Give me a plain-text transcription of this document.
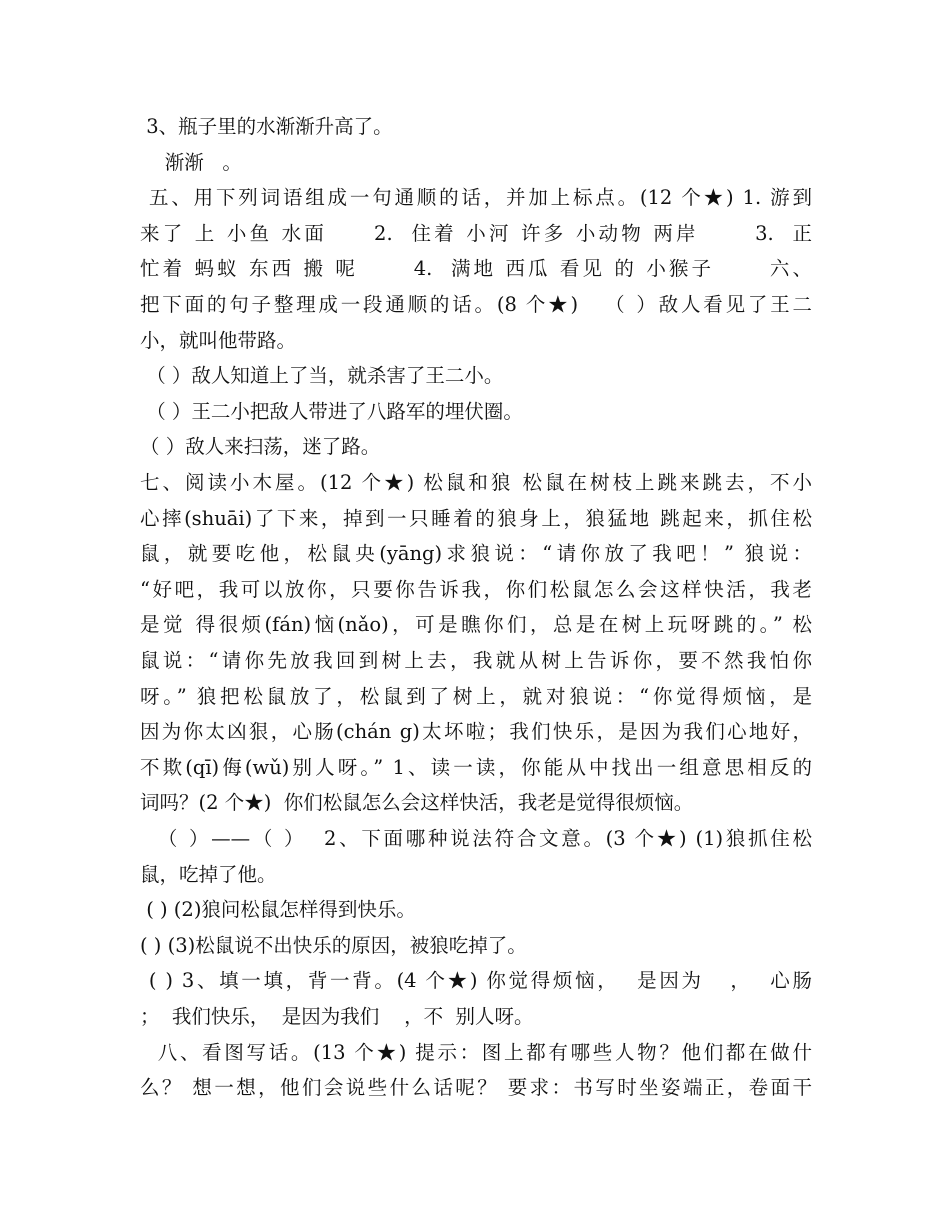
3、瓶子里的水渐渐升高了。
渐渐   。
五、用下列词语组成一句通顺的话，并加上标点。(12 个★) 1. 游到
来了 上 小鱼 水面     2.  住着 小河 许多 小动物 两岸      3.  正
忙着 蚂蚁 东西 搬 呢      4.  满地 西瓜 看见 的 小猴子      六、
把下面的句子整理成一段通顺的话。(8 个★)   （ ）敌人看见了王二
小，就叫他带路。
（ ）敌人知道上了当，就杀害了王二小。
（ ）王二小把敌人带进了八路军的埋伏圈。
（ ）敌人来扫荡，迷了路。
七、阅读小木屋。(12 个★) 松鼠和狼 松鼠在树枝上跳来跳去，不小
心摔(shuāi)了下来，掉到一只睡着的狼身上，狼猛地 跳起来，抓住松
鼠，就要吃他，松鼠央(yāng)求狼说：“请你放了我吧！” 狼说：
“好吧，我可以放你，只要你告诉我，你们松鼠怎么会这样快活，我老
是觉 得很烦(fán)恼(nǎo)，可是瞧你们，总是在树上玩呀跳的。” 松
鼠说：“请你先放我回到树上去，我就从树上告诉你，要不然我怕你
呀。” 狼把松鼠放了，松鼠到了树上，就对狼说：“你觉得烦恼，是
因为你太凶狠，心肠(chán g)太坏啦；我们快乐，是因为我们心地好，
不欺(qī)侮(wǔ)别人呀。” 1、读一读，你能从中找出一组意思相反的
词吗？(2 个★)  你们松鼠怎么会这样快活，我老是觉得很烦恼。
（ ）——（ ）  2、下面哪种说法符合文意。(3 个★) (1)狼抓住松
鼠，吃掉了他。
( ) (2)狼问松鼠怎样得到快乐。
( ) (3)松鼠说不出快乐的原因，被狼吃掉了。
( ) 3、填一填，背一背。(4 个★) 你觉得烦恼，  是因为   ，  心肠
；  我们快乐，  是因为我们    ，不  别人呀。
八、看图写话。(13 个★) 提示：图上都有哪些人物？他们都在做什
么？ 想一想，他们会说些什么话呢？ 要求：书写时坐姿端正，卷面干
